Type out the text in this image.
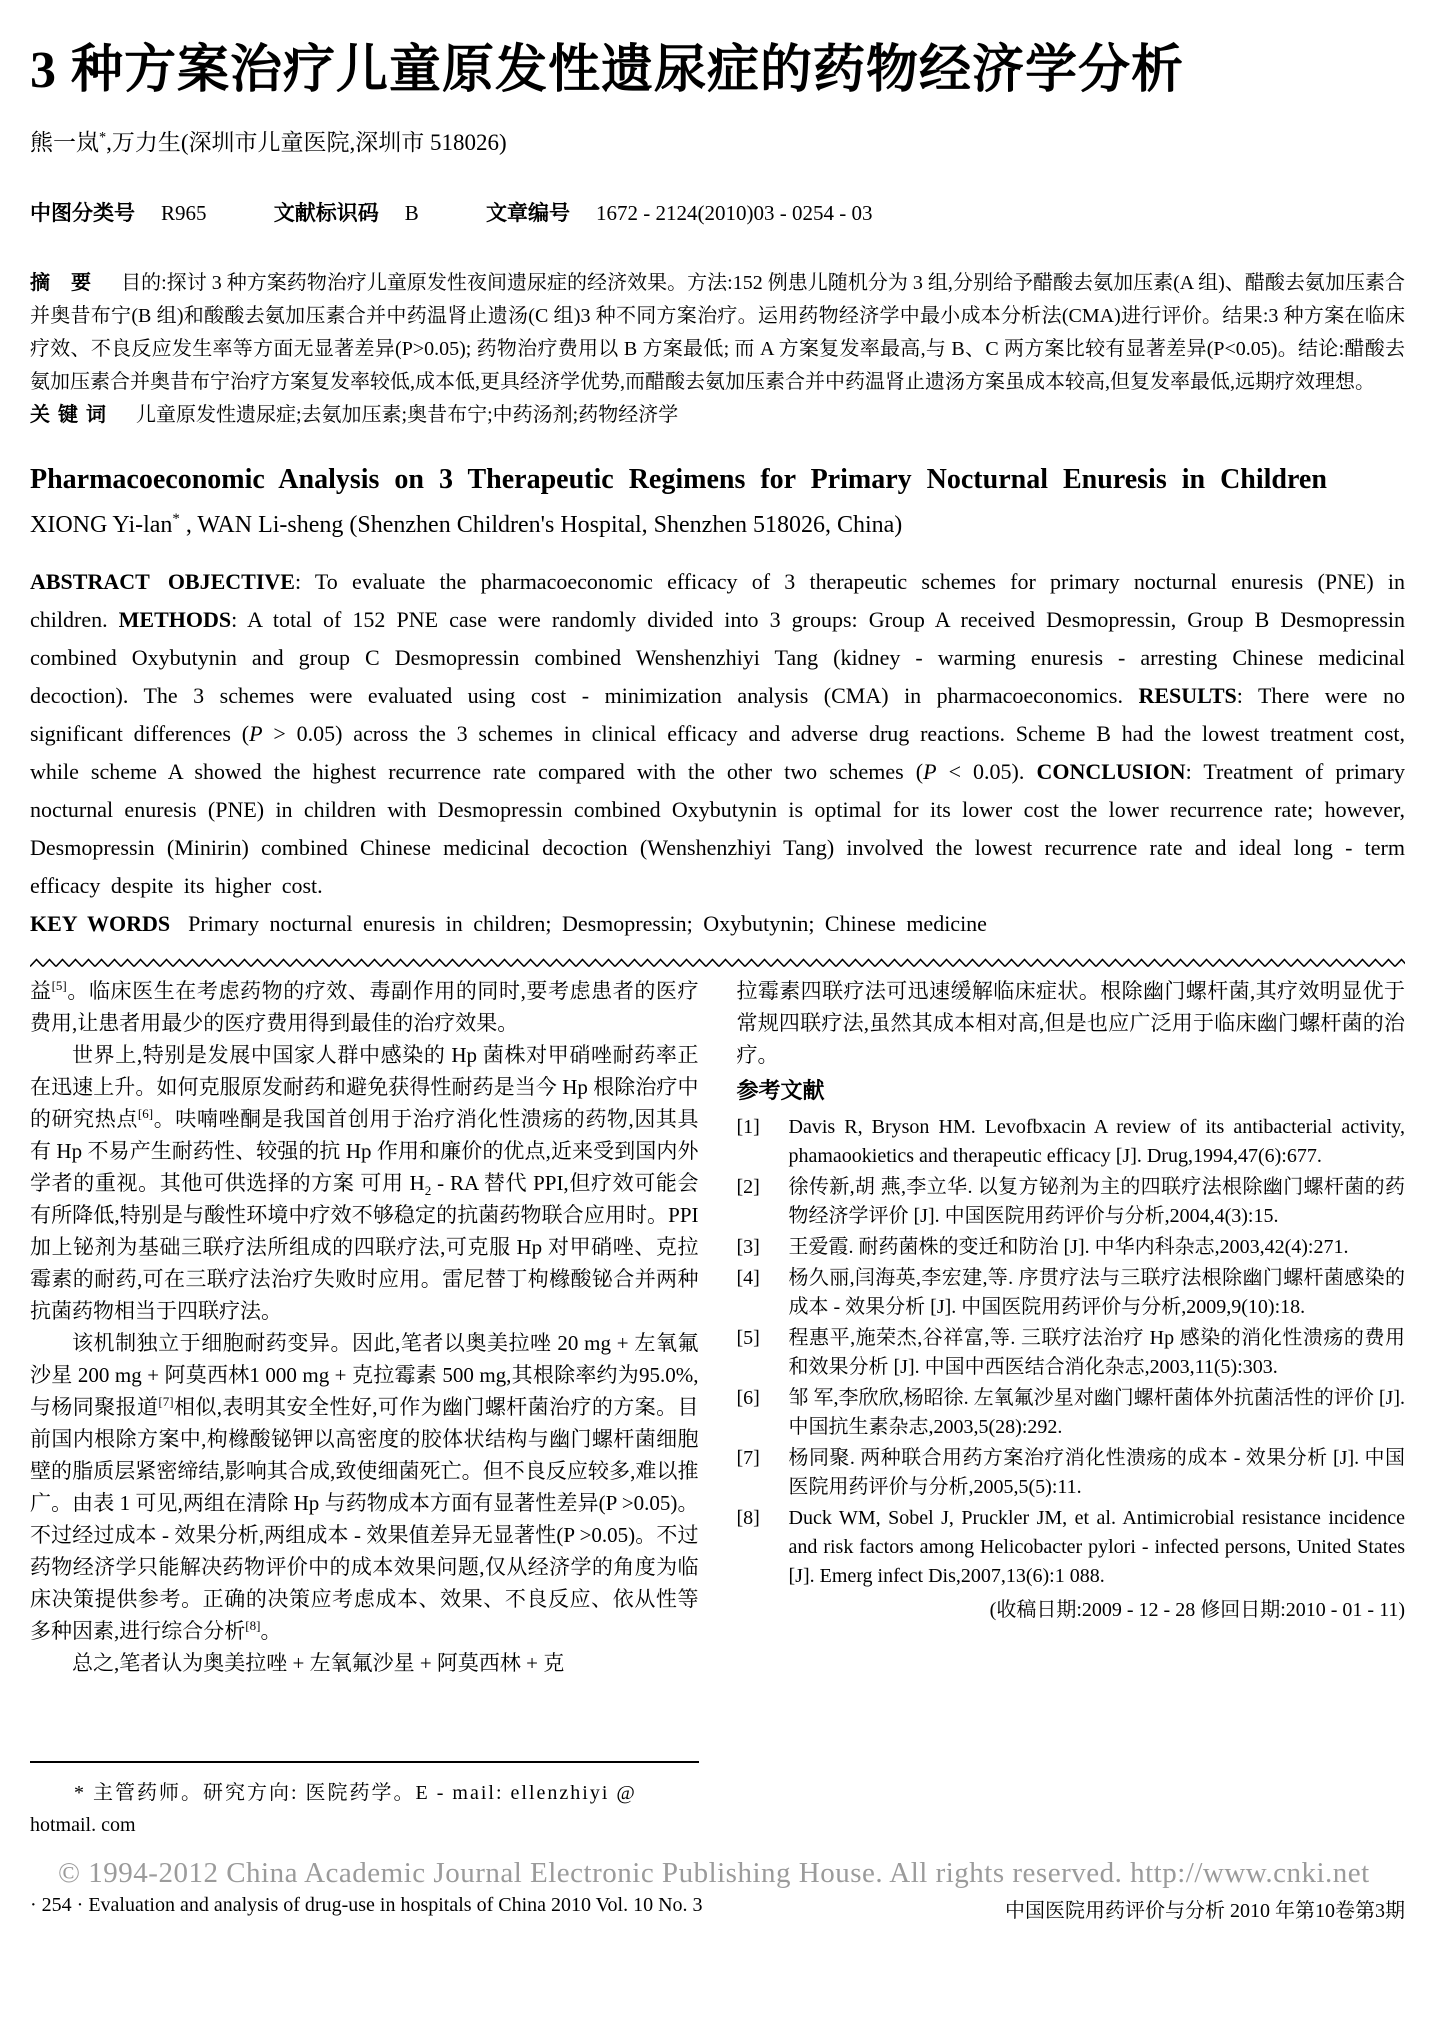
3 种方案治疗儿童原发性遗尿症的药物经济学分析
熊一岚*,万力生(深圳市儿童医院,深圳市 518026)
中图分类号 R965	文献标识码 B	文章编号 1672 - 2124(2010)03 - 0254 - 03

摘 要 目的:探讨 3 种方案药物治疗儿童原发性夜间遗尿症的经济效果。方法:152 例患儿随机分为 3 组,分别给予醋酸去氨加压素(A 组)、醋酸去氨加压素合并奥昔布宁(B 组)和酸酸去氨加压素合并中药温肾止遗汤(C 组)3 种不同方案治疗。运用药物经济学中最小成本分析法(CMA)进行评价。结果:3 种方案在临床疗效、不良反应发生率等方面无显著差异(P>0.05); 药物治疗费用以 B 方案最低; 而 A 方案复发率最高,与 B、C 两方案比较有显著差异(P<0.05)。结论:醋酸去氨加压素合并奥昔布宁治疗方案复发率较低,成本低,更具经济学优势,而醋酸去氨加压素合并中药温肾止遗汤方案虽成本较高,但复发率最低,远期疗效理想。

关键词 儿童原发性遗尿症;去氨加压素;奥昔布宁;中药汤剂;药物经济学

Pharmacoeconomic Analysis on 3 Therapeutic Regimens for Primary Nocturnal Enuresis in Children
XIONG Yi-lan* , WAN Li-sheng (Shenzhen Children's Hospital, Shenzhen 518026, China)

ABSTRACT OBJECTIVE: To evaluate the pharmacoeconomic efficacy of 3 therapeutic schemes for primary nocturnal enuresis (PNE) in children. METHODS: A total of 152 PNE case were randomly divided into 3 groups: Group A received Desmopressin, Group B Desmopressin combined Oxybutynin and group C Desmopressin combined Wenshenzhiyi Tang (kidney - warming enuresis - arresting Chinese medicinal decoction). The 3 schemes were evaluated using cost - minimization analysis (CMA) in pharmacoeconomics. RESULTS: There were no significant differences (P > 0.05) across the 3 schemes in clinical efficacy and adverse drug reactions. Scheme B had the lowest treatment cost, while scheme A showed the highest recurrence rate compared with the other two schemes (P < 0.05). CONCLUSION: Treatment of primary nocturnal enuresis (PNE) in children with Desmopressin combined Oxybutynin is optimal for its lower cost the lower recurrence rate; however, Desmopressin (Minirin) combined Chinese medicinal decoction (Wenshenzhiyi Tang) involved the lowest recurrence rate and ideal long - term efficacy despite its higher cost.

KEY WORDS Primary nocturnal enuresis in children; Desmopressin; Oxybutynin; Chinese medicine

益[5]。临床医生在考虑药物的疗效、毒副作用的同时,要考虑患者的医疗费用,让患者用最少的医疗费用得到最佳的治疗效果。

世界上,特别是发展中国家人群中感染的 Hp 菌株对甲硝唑耐药率正在迅速上升。如何克服原发耐药和避免获得性耐药是当今 Hp 根除治疗中的研究热点[6]。呋喃唑酮是我国首创用于治疗消化性溃疡的药物,因其具有 Hp 不易产生耐药性、较强的抗 Hp 作用和廉价的优点,近来受到国内外学者的重视。其他可供选择的方案 可用 $H_2$ - RA 替代 PPI,但疗效可能会有所降低,特别是与酸性环境中疗效不够稳定的抗菌药物联合应用时。PPI 加上铋剂为基础三联疗法所组成的四联疗法,可克服 Hp 对甲硝唑、克拉霉素的耐药,可在三联疗法治疗失败时应用。雷尼替丁枸橼酸铋合并两种抗菌药物相当于四联疗法。

该机制独立于细胞耐药变异。因此,笔者以奥美拉唑 20 mg + 左氧氟沙星 200 mg + 阿莫西林1 000 mg + 克拉霉素 500 mg,其根除率约为95.0%,与杨同聚报道[7]相似,表明其安全性好,可作为幽门螺杆菌治疗的方案。目前国内根除方案中,枸橼酸铋钾以高密度的胶体状结构与幽门螺杆菌细胞壁的脂质层紧密缔结,影响其合成,致使细菌死亡。但不良反应较多,难以推广。由表 1 可见,两组在清除 Hp 与药物成本方面有显著性差异(P >0.05)。不过经过成本 - 效果分析,两组成本 - 效果值差异无显著性(P >0.05)。不过药物经济学只能解决药物评价中的成本效果问题,仅从经济学的角度为临床决策提供参考。正确的决策应考虑成本、效果、不良反应、依从性等多种因素,进行综合分析[8]。

总之,笔者认为奥美拉唑 + 左氧氟沙星 + 阿莫西林 + 克

* 主管药师。研究方向: 医院药学。E - mail: ellenzhiyi @
hotmail. com

拉霉素四联疗法可迅速缓解临床症状。根除幽门螺杆菌,其疗效明显优于常规四联疗法,虽然其成本相对高,但是也应广泛用于临床幽门螺杆菌的治疗。

参考文献
[1]	Davis R, Bryson HM. Levofbxacin A review of its antibacterial activity, phamaookietics and therapeutic efficacy [J]. Drug,1994,47(6):677.
[2]	徐传新,胡 燕,李立华. 以复方铋剂为主的四联疗法根除幽门螺杆菌的药物经济学评价 [J]. 中国医院用药评价与分析,2004,4(3):15.
[3]	王爱霞. 耐药菌株的变迁和防治 [J]. 中华内科杂志,2003,42(4):271.
[4]	杨久丽,闫海英,李宏建,等. 序贯疗法与三联疗法根除幽门螺杆菌感染的成本 - 效果分析 [J]. 中国医院用药评价与分析,2009,9(10):18.
[5]	程惠平,施荣杰,谷祥富,等. 三联疗法治疗 Hp 感染的消化性溃疡的费用和效果分析 [J]. 中国中西医结合消化杂志,2003,11(5):303.
[6]	邹 军,李欣欣,杨昭徐. 左氧氟沙星对幽门螺杆菌体外抗菌活性的评价 [J]. 中国抗生素杂志,2003,5(28):292.
[7]	杨同聚. 两种联合用药方案治疗消化性溃疡的成本 - 效果分析 [J]. 中国医院用药评价与分析,2005,5(5):11.
[8]	Duck WM, Sobel J, Pruckler JM, et al. Antimicrobial resistance incidence and risk factors among Helicobacter pylori - infected persons, United States [J]. Emerg infect Dis,2007,13(6):1 088.
(收稿日期:2009 - 12 - 28 修回日期:2010 - 01 - 11)
© 1994-2012 China Academic Journal Electronic Publishing House. All rights reserved. http://www.cnki.net
· 254 · Evaluation and analysis of drug-use in hospitals of China 2010 Vol. 10 No. 3	中国医院用药评价与分析 2010 年第10卷第3期
